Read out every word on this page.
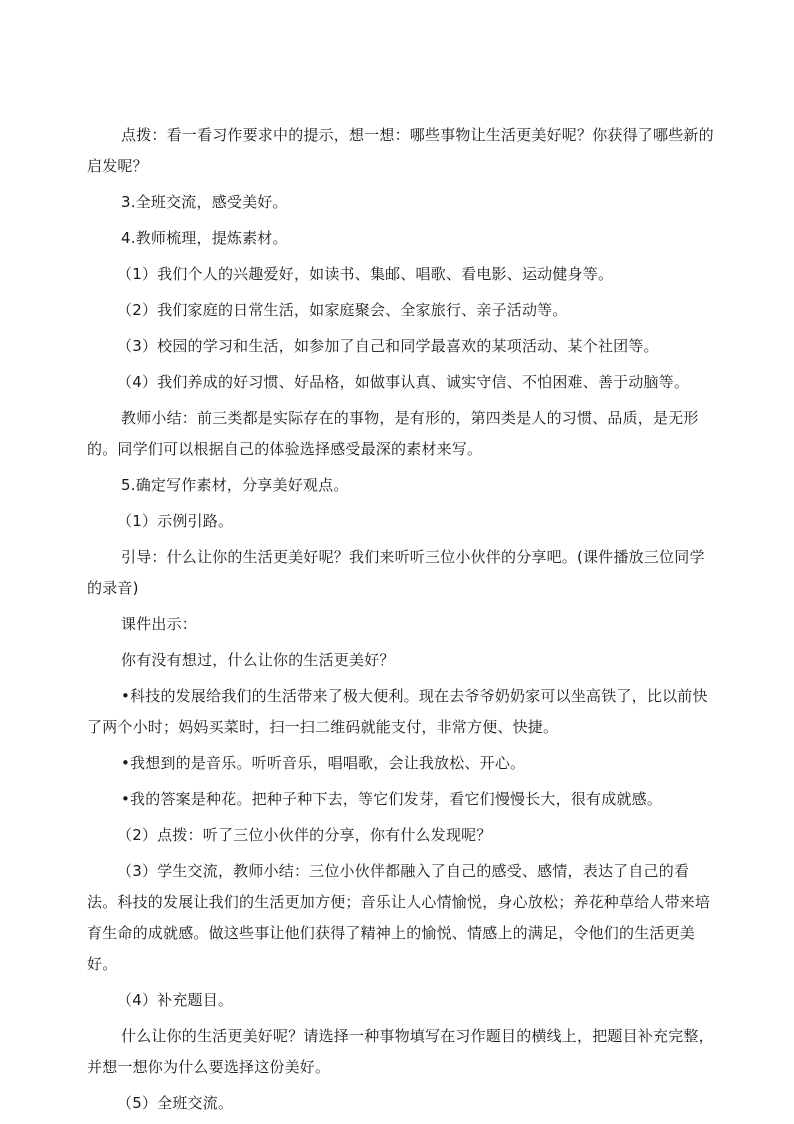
点拨：看一看习作要求中的提示，想一想：哪些事物让生活更美好呢？你获得了哪些新的启发呢？

3.全班交流，感受美好。

4.教师梳理，提炼素材。

（1）我们个人的兴趣爱好，如读书、集邮、唱歌、看电影、运动健身等。

（2）我们家庭的日常生活，如家庭聚会、全家旅行、亲子活动等。

（3）校园的学习和生活，如参加了自己和同学最喜欢的某项活动、某个社团等。

（4）我们养成的好习惯、好品格，如做事认真、诚实守信、不怕困难、善于动脑等。

教师小结：前三类都是实际存在的事物，是有形的，第四类是人的习惯、品质，是无形的。同学们可以根据自己的体验选择感受最深的素材来写。

5.确定写作素材，分享美好观点。

（1）示例引路。

引导：什么让你的生活更美好呢？我们来听听三位小伙伴的分享吧。(课件播放三位同学的录音)

课件出示：

你有没有想过，什么让你的生活更美好？

•科技的发展给我们的生活带来了极大便利。现在去爷爷奶奶家可以坐高铁了，比以前快了两个小时；妈妈买菜时，扫一扫二维码就能支付，非常方便、快捷。

•我想到的是音乐。听听音乐，唱唱歌，会让我放松、开心。

•我的答案是种花。把种子种下去，等它们发芽，看它们慢慢长大，很有成就感。

（2）点拨：听了三位小伙伴的分享，你有什么发现呢？

（3）学生交流，教师小结：三位小伙伴都融入了自己的感受、感情，表达了自己的看法。科技的发展让我们的生活更加方便；音乐让人心情愉悦，身心放松；养花种草给人带来培育生命的成就感。做这些事让他们获得了精神上的愉悦、情感上的满足，令他们的生活更美好。

（4）补充题目。

什么让你的生活更美好呢？请选择一种事物填写在习作题目的横线上，把题目补充完整，并想一想你为什么要选择这份美好。

（5）全班交流。
